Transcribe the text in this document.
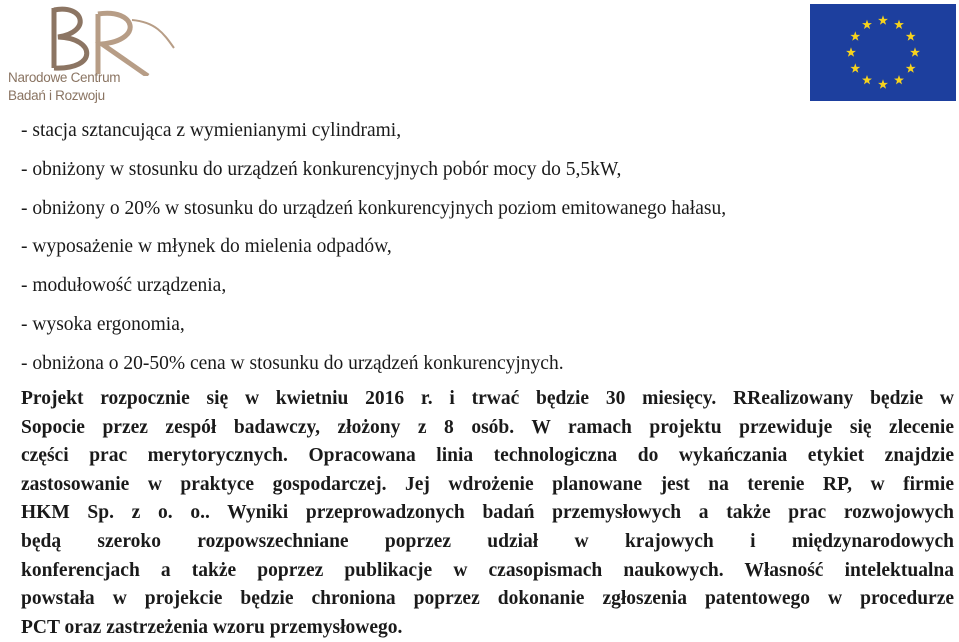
Narodowe Centrum
Badań i Rozwoju
- stacja sztancująca z wymienianymi cylindrami,
- obniżony w stosunku do urządzeń konkurencyjnych pobór mocy do 5,5kW,
- obniżony o 20% w stosunku do urządzeń konkurencyjnych poziom emitowanego hałasu,
- wyposażenie w młynek do mielenia odpadów,
- modułowość urządzenia,
- wysoka ergonomia,
- obniżona o 20-50% cena w stosunku do urządzeń konkurencyjnych.
Projekt rozpocznie się w kwietniu 2016 r. i trwać będzie 30 miesięcy. RRealizowany będzie w
Sopocie przez zespół badawczy, złożony z 8 osób. W ramach projektu przewiduje się zlecenie
części prac merytorycznych. Opracowana linia technologiczna do wykańczania etykiet znajdzie
zastosowanie w praktyce gospodarczej. Jej wdrożenie planowane jest na terenie RP, w firmie
HKM Sp. z o. o.. Wyniki przeprowadzonych badań przemysłowych a także prac rozwojowych
będą szeroko rozpowszechniane poprzez udział w krajowych i międzynarodowych
konferencjach a także poprzez publikacje w czasopismach naukowych. Własność intelektualna
powstała w projekcie będzie chroniona poprzez dokonanie zgłoszenia patentowego w procedurze
PCT oraz zastrzeżenia wzoru przemysłowego.
